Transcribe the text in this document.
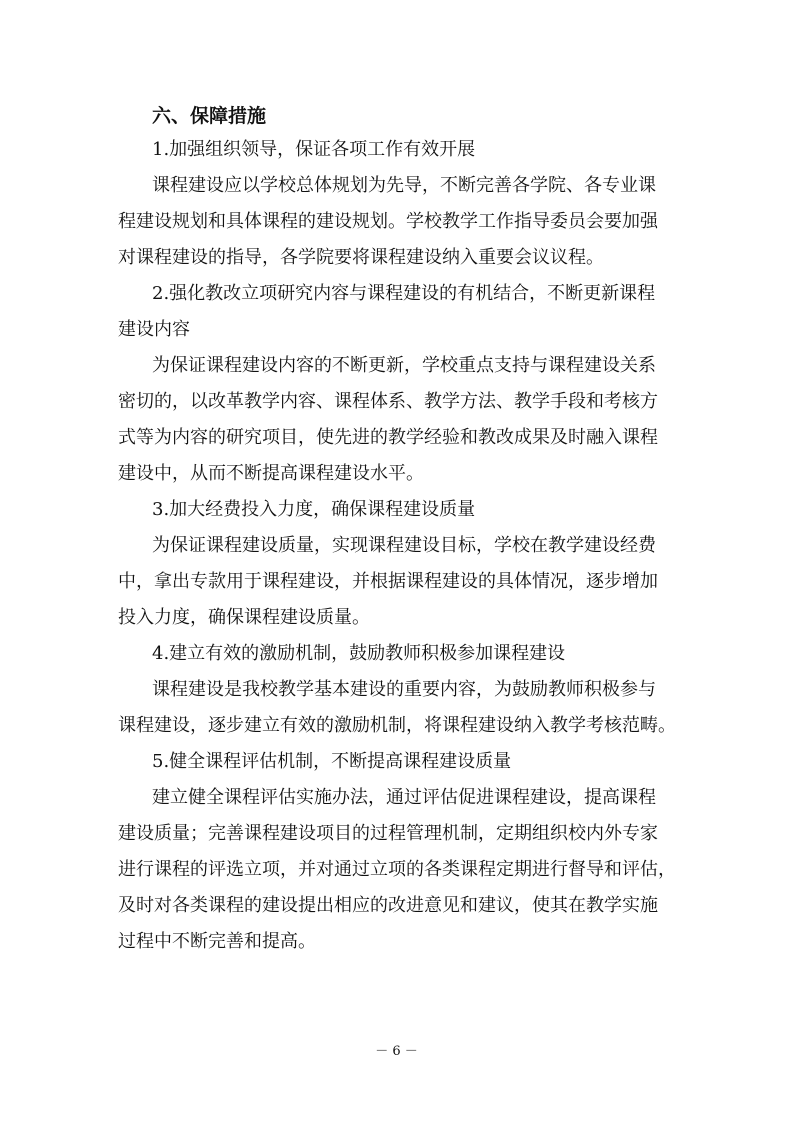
六、保障措施
1.加强组织领导，保证各项工作有效开展
课程建设应以学校总体规划为先导，不断完善各学院、各专业课
程建设规划和具体课程的建设规划。学校教学工作指导委员会要加强
对课程建设的指导，各学院要将课程建设纳入重要会议议程。
2.强化教改立项研究内容与课程建设的有机结合，不断更新课程
建设内容
为保证课程建设内容的不断更新，学校重点支持与课程建设关系
密切的，以改革教学内容、课程体系、教学方法、教学手段和考核方
式等为内容的研究项目，使先进的教学经验和教改成果及时融入课程
建设中，从而不断提高课程建设水平。
3.加大经费投入力度，确保课程建设质量
为保证课程建设质量，实现课程建设目标，学校在教学建设经费
中，拿出专款用于课程建设，并根据课程建设的具体情况，逐步增加
投入力度，确保课程建设质量。
4.建立有效的激励机制，鼓励教师积极参加课程建设
课程建设是我校教学基本建设的重要内容，为鼓励教师积极参与
课程建设，逐步建立有效的激励机制，将课程建设纳入教学考核范畴。
5.健全课程评估机制，不断提高课程建设质量
建立健全课程评估实施办法，通过评估促进课程建设，提高课程
建设质量；完善课程建设项目的过程管理机制，定期组织校内外专家
进行课程的评选立项，并对通过立项的各类课程定期进行督导和评估，
及时对各类课程的建设提出相应的改进意见和建议，使其在教学实施
过程中不断完善和提高。
－ 6 －
